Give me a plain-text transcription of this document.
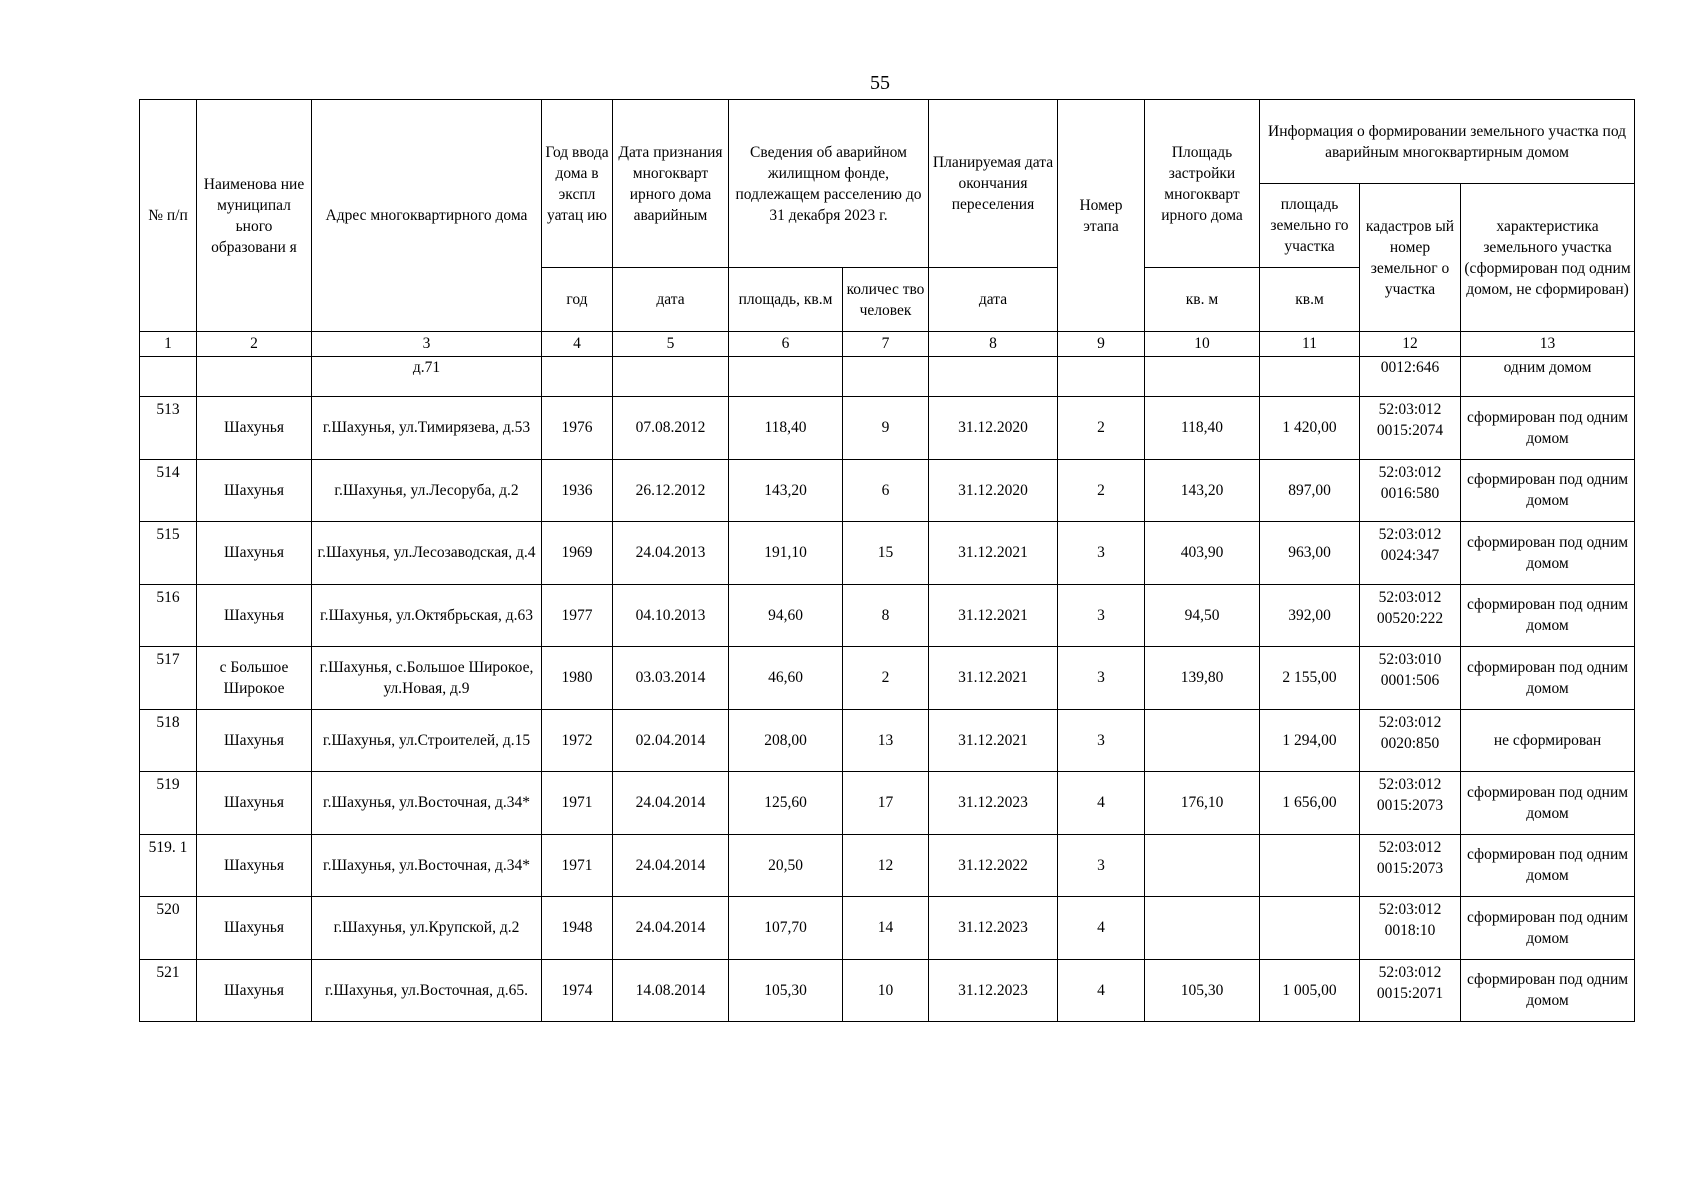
55
№ п/п	Наименова ние муниципал ьного образовани я	Адрес многоквартирного дома	Год ввода дома в экспл уатац ию	Дата признания многокварт ирного дома аварийным	Сведения об аварийном жилищном фонде, подлежащем расселению до 31 декабря 2023 г.		Планируемая дата окончания переселения	Номер этапа	Площадь застройки многокварт ирного дома	Информация о формировании земельного участка под аварийным многоквартирным домом		
										площадь земельно го участка	кадастров ый номер земельног о участка	характеристика земельного участка (сформирован под одним домом, не сформирован)
			год	дата	площадь, кв.м	количес тво человек	дата		кв. м	кв.м		
1	2	3	4	5	6	7	8	9	10	11	12	13
		д.71									0012:646	одним домом
513	Шахунья	г.Шахунья, ул.Тимирязева, д.53	1976	07.08.2012	118,40	9	31.12.2020	2	118,40	1 420,00	52:03:012 0015:2074	сформирован под одним домом
514	Шахунья	г.Шахунья, ул.Лесоруба, д.2	1936	26.12.2012	143,20	6	31.12.2020	2	143,20	897,00	52:03:012 0016:580	сформирован под одним домом
515	Шахунья	г.Шахунья, ул.Лесозаводская, д.4	1969	24.04.2013	191,10	15	31.12.2021	3	403,90	963,00	52:03:012 0024:347	сформирован под одним домом
516	Шахунья	г.Шахунья, ул.Октябрьская, д.63	1977	04.10.2013	94,60	8	31.12.2021	3	94,50	392,00	52:03:012 00520:222	сформирован под одним домом
517	с Большое Широкое	г.Шахунья, с.Большое Широкое, ул.Новая, д.9	1980	03.03.2014	46,60	2	31.12.2021	3	139,80	2 155,00	52:03:010 0001:506	сформирован под одним домом
518	Шахунья	г.Шахунья, ул.Строителей, д.15	1972	02.04.2014	208,00	13	31.12.2021	3		1 294,00	52:03:012 0020:850	не сформирован
519	Шахунья	г.Шахунья, ул.Восточная, д.34*	1971	24.04.2014	125,60	17	31.12.2023	4	176,10	1 656,00	52:03:012 0015:2073	сформирован под одним домом
519. 1	Шахунья	г.Шахунья, ул.Восточная, д.34*	1971	24.04.2014	20,50	12	31.12.2022	3			52:03:012 0015:2073	сформирован под одним домом
520	Шахунья	г.Шахунья, ул.Крупской, д.2	1948	24.04.2014	107,70	14	31.12.2023	4			52:03:012 0018:10	сформирован под одним домом
521	Шахунья	г.Шахунья, ул.Восточная, д.65.	1974	14.08.2014	105,30	10	31.12.2023	4	105,30	1 005,00	52:03:012 0015:2071	сформирован под одним домом
